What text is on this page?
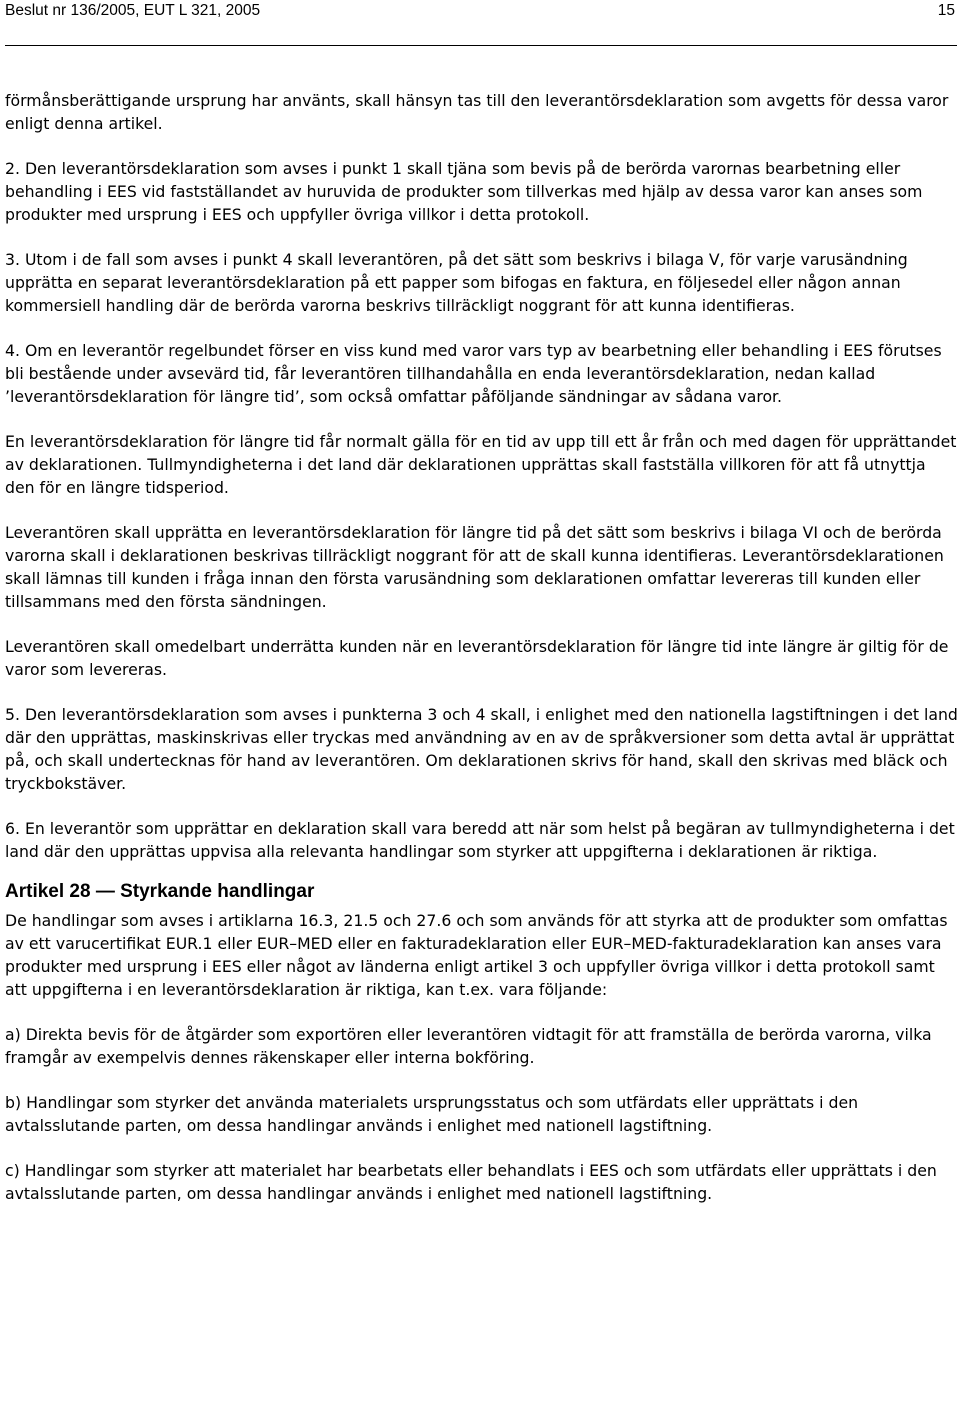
Beslut nr 136/2005, EUT L 321, 2005	15

förmånsberättigande ursprung har använts, skall hänsyn tas till den leverantörsdeklaration som avgetts för dessa varor enligt denna artikel.

2. Den leverantörsdeklaration som avses i punkt 1 skall tjäna som bevis på de berörda varornas bearbetning eller behandling i EES vid fastställandet av huruvida de produkter som tillverkas med hjälp av dessa varor kan anses som produkter med ursprung i EES och uppfyller övriga villkor i detta protokoll.

3. Utom i de fall som avses i punkt 4 skall leverantören, på det sätt som beskrivs i bilaga V, för varje varusändning upprätta en separat leverantörsdeklaration på ett papper som bifogas en faktura, en följesedel eller någon annan kommersiell handling där de berörda varorna beskrivs tillräckligt noggrant för att kunna identifieras.

4. Om en leverantör regelbundet förser en viss kund med varor vars typ av bearbetning eller behandling i EES förutses bli bestående under avsevärd tid, får leverantören tillhandahålla en enda leverantörsdeklaration, nedan kallad ’leverantörsdeklaration för längre tid’, som också omfattar påföljande sändningar av sådana varor.

En leverantörsdeklaration för längre tid får normalt gälla för en tid av upp till ett år från och med dagen för upprättandet av deklarationen. Tullmyndigheterna i det land där deklarationen upprättas skall fastställa villkoren för att få utnyttja den för en längre tidsperiod.

Leverantören skall upprätta en leverantörsdeklaration för längre tid på det sätt som beskrivs i bilaga VI och de berörda varorna skall i deklarationen beskrivas tillräckligt noggrant för att de skall kunna identifieras. Leverantörsdeklarationen skall lämnas till kunden i fråga innan den första varusändning som deklarationen omfattar levereras till kunden eller tillsammans med den första sändningen.

Leverantören skall omedelbart underrätta kunden när en leverantörsdeklaration för längre tid inte längre är giltig för de varor som levereras.

5. Den leverantörsdeklaration som avses i punkterna 3 och 4 skall, i enlighet med den nationella lagstiftningen i det land där den upprättas, maskinskrivas eller tryckas med användning av en av de språkversioner som detta avtal är upprättat på, och skall undertecknas för hand av leverantören. Om deklarationen skrivs för hand, skall den skrivas med bläck och tryckbokstäver.

6. En leverantör som upprättar en deklaration skall vara beredd att när som helst på begäran av tullmyndigheterna i det land där den upprättas uppvisa alla relevanta handlingar som styrker att uppgifterna i deklarationen är riktiga.

Artikel 28 — Styrkande handlingar

De handlingar som avses i artiklarna 16.3, 21.5 och 27.6 och som används för att styrka att de produkter som omfattas av ett varucertifikat EUR.1 eller EUR–MED eller en fakturadeklaration eller EUR–MED-fakturadeklaration kan anses vara produkter med ursprung i EES eller något av länderna enligt artikel 3 och uppfyller övriga villkor i detta protokoll samt att uppgifterna i en leverantörsdeklaration är riktiga, kan t.ex. vara följande:

a) Direkta bevis för de åtgärder som exportören eller leverantören vidtagit för att framställa de berörda varorna, vilka framgår av exempelvis dennes räkenskaper eller interna bokföring.

b) Handlingar som styrker det använda materialets ursprungsstatus och som utfärdats eller upprättats i den avtalsslutande parten, om dessa handlingar används i enlighet med nationell lagstiftning.

c) Handlingar som styrker att materialet har bearbetats eller behandlats i EES och som utfärdats eller upprättats i den avtalsslutande parten, om dessa handlingar används i enlighet med nationell lagstiftning.
